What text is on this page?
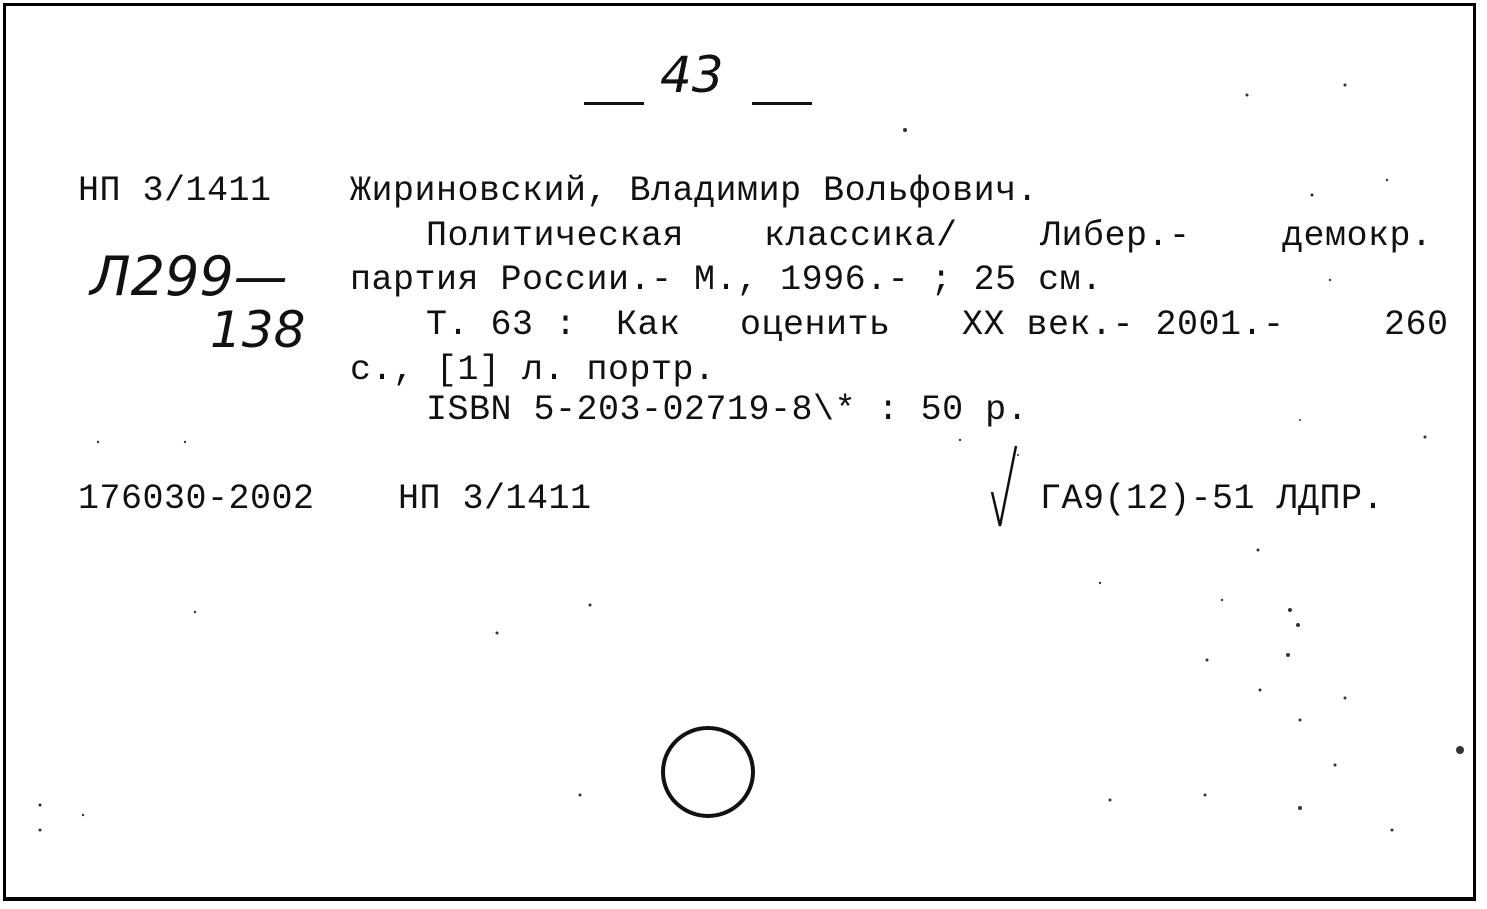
43
НП 3/1411
Л299—
138
Жириновский, Владимир Вольфович.
Политическая классика/ Либер.-	демокр.
партия России.- М., 1996.- ; 25 см.
Т. 63 : Как оценить XX век.- 2001.-	260
с., [1] л. портр.
ISBN 5-203-02719-8\* : 50 р.
176030-2002 НП 3/1411	ГА9(12)-51 ЛДПР.
